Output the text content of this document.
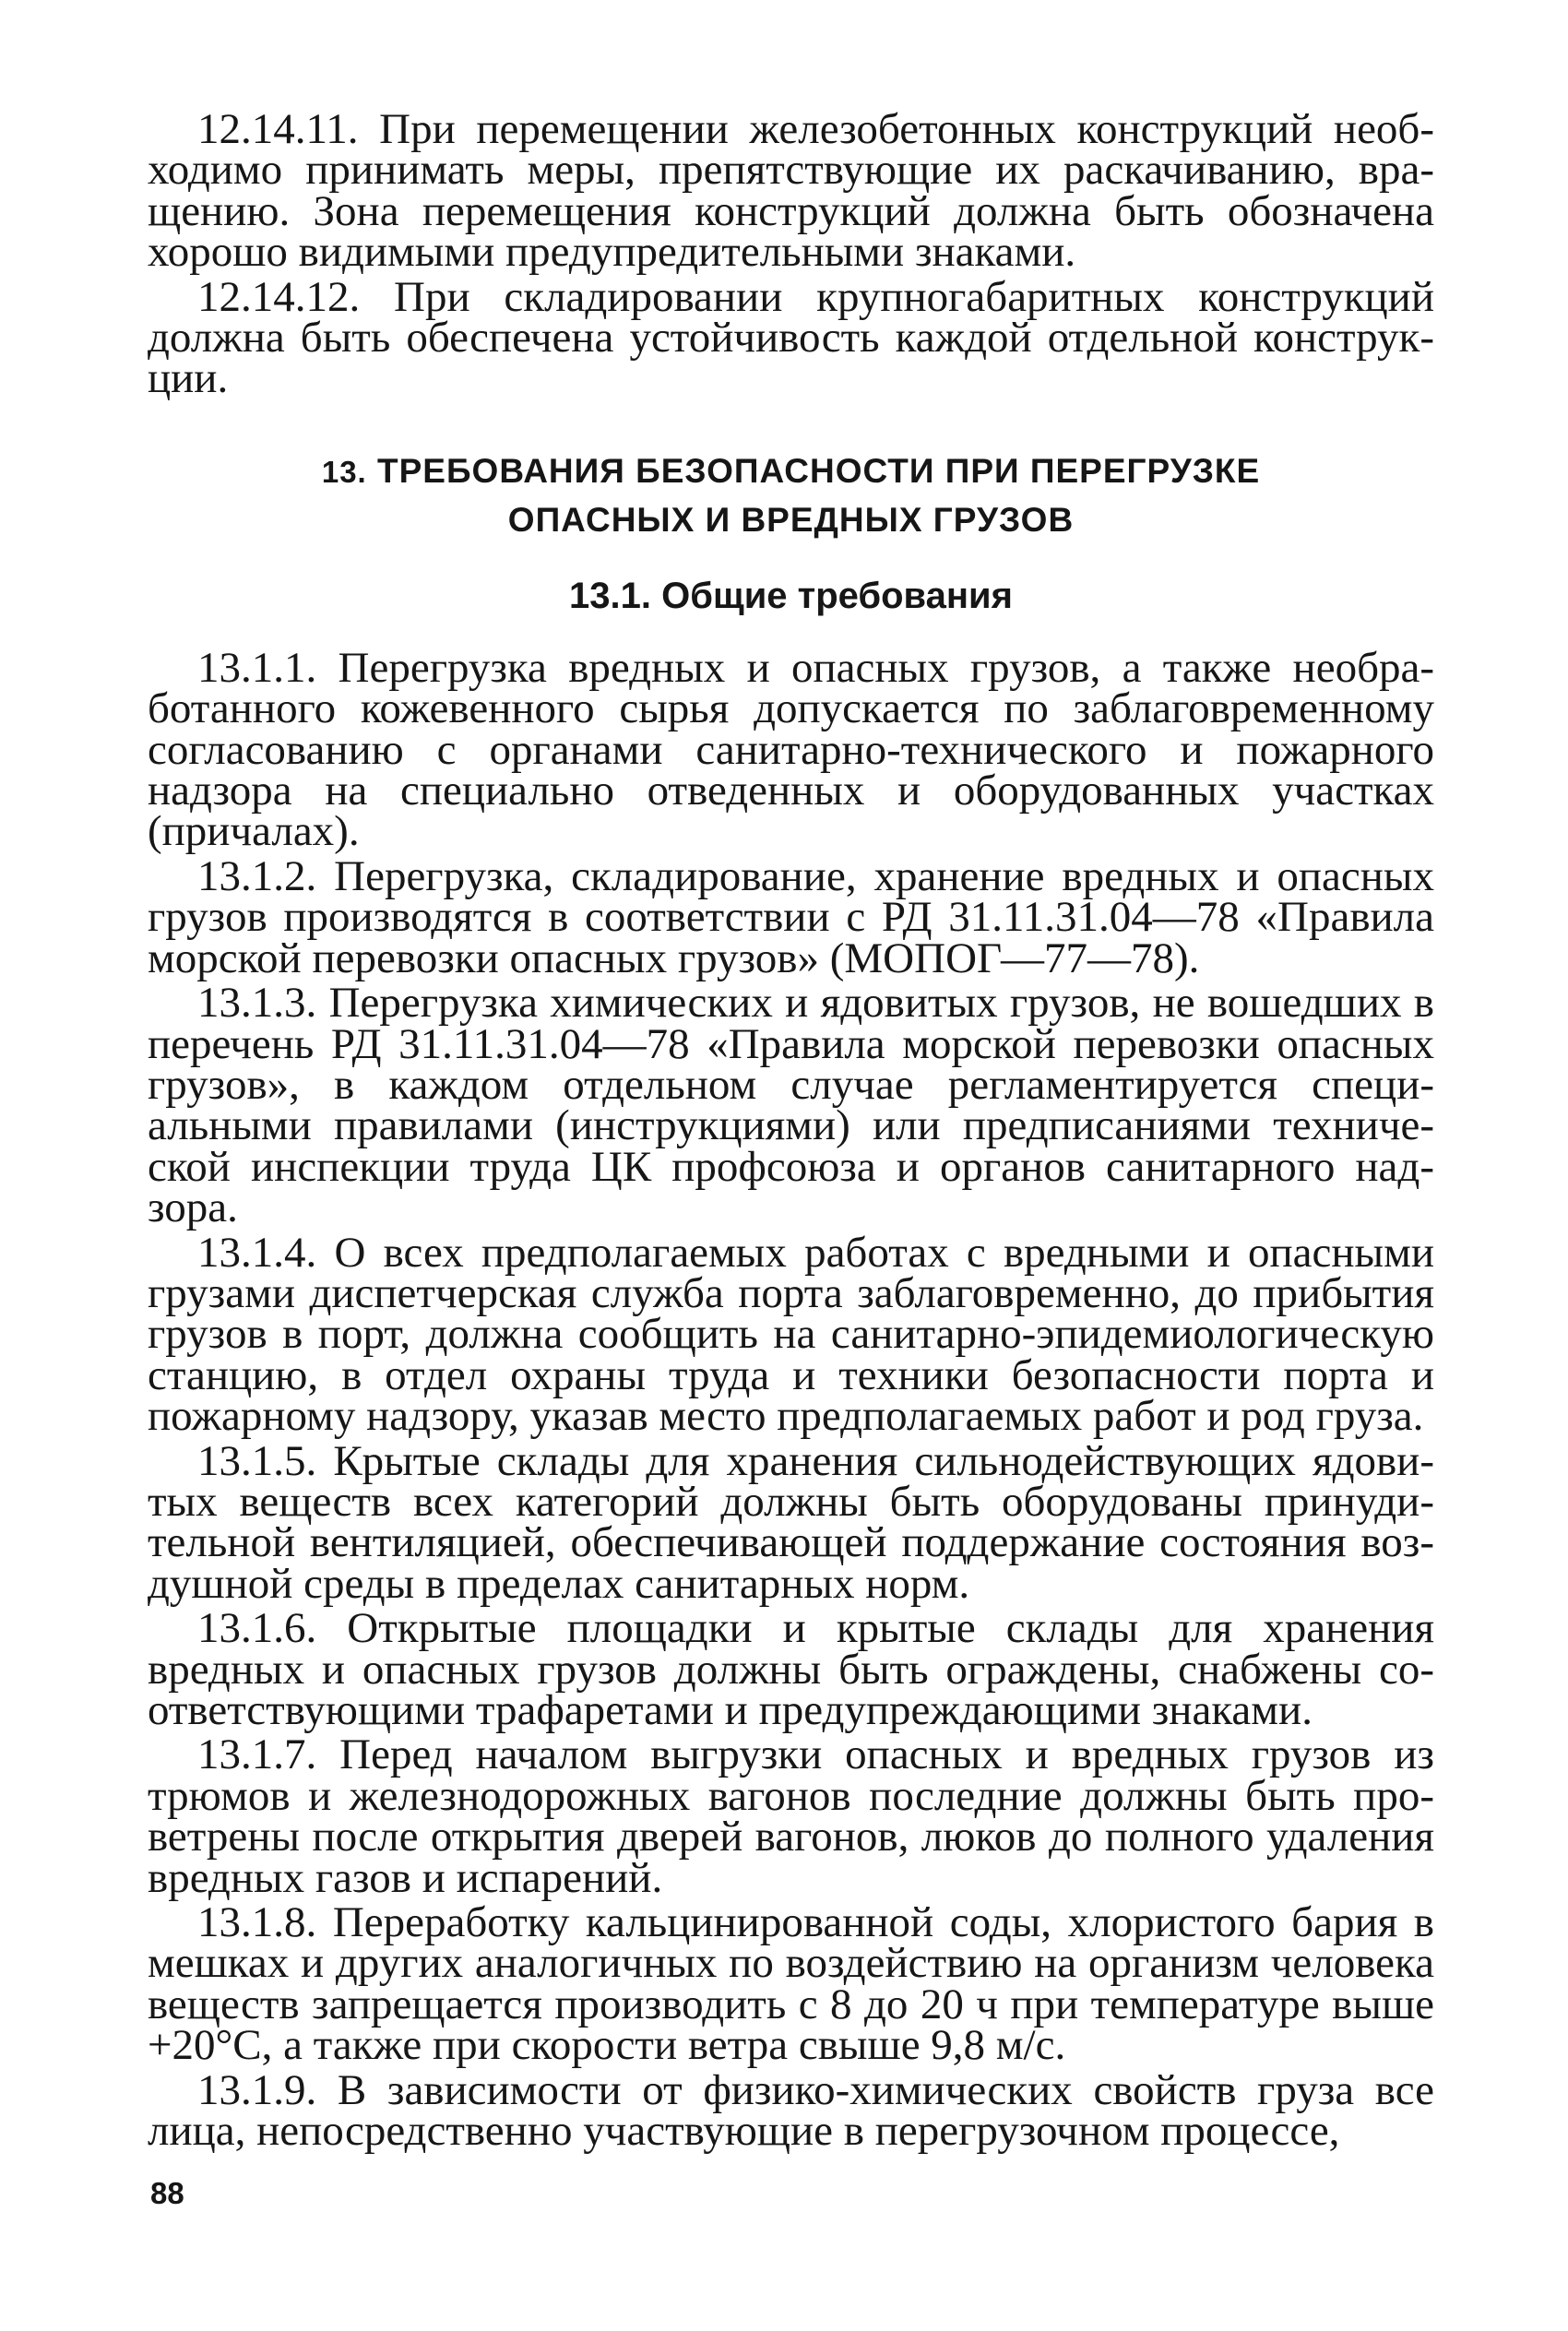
12.14.11. При перемещении железобетонных конструкций необходимо принимать меры, препятствующие их раскачиванию, вращению. Зона перемещения конструкций должна быть обозначена хорошо видимыми предупредительными знаками.

12.14.12. При складировании крупногабаритных конструкций должна быть обеспечена устойчивость каждой отдельной конструкции.

13. ТРЕБОВАНИЯ БЕЗОПАСНОСТИ ПРИ ПЕРЕГРУЗКЕ
ОПАСНЫХ И ВРЕДНЫХ ГРУЗОВ
13.1. Общие требования

13.1.1. Перегрузка вредных и опасных грузов, а также необработанного кожевенного сырья допускается по заблаговременному согласованию с органами санитарно-технического и пожарного надзора на специально отведенных и оборудованных участках (причалах).

13.1.2. Перегрузка, складирование, хранение вредных и опасных грузов производятся в соответствии с РД 31.11.31.04—78 «Правила морской перевозки опасных грузов» (МОПОГ—77—78).

13.1.3. Перегрузка химических и ядовитых грузов, не вошедших в перечень РД 31.11.31.04—78 «Правила морской перевозки опасных грузов», в каждом отдельном случае регламентируется специальными правилами (инструкциями) или предписаниями технической инспекции труда ЦК профсоюза и органов санитарного надзора.

13.1.4. О всех предполагаемых работах с вредными и опасными грузами диспетчерская служба порта заблаговременно, до прибытия грузов в порт, должна сообщить на санитарно-эпидемиологическую станцию, в отдел охраны труда и техники безопасности порта и пожарному надзору, указав место предполагаемых работ и род груза.

13.1.5. Крытые склады для хранения сильнодействующих ядовитых веществ всех категорий должны быть оборудованы принудительной вентиляцией, обеспечивающей поддержание состояния воздушной среды в пределах санитарных норм.

13.1.6. Открытые площадки и крытые склады для хранения вредных и опасных грузов должны быть ограждены, снабжены соответствующими трафаретами и предупреждающими знаками.

13.1.7. Перед началом выгрузки опасных и вредных грузов из трюмов и железнодорожных вагонов последние должны быть проветрены после открытия дверей вагонов, люков до полного удаления вредных газов и испарений.

13.1.8. Переработку кальцинированной соды, хлористого бария в мешках и других аналогичных по воздействию на организм человека веществ запрещается производить с 8 до 20 ч при температуре выше +20°С, а также при скорости ветра свыше 9,8 м/с.

13.1.9. В зависимости от физико-химических свойств груза все лица, непосредственно участвующие в перегрузочном процессе,

88
